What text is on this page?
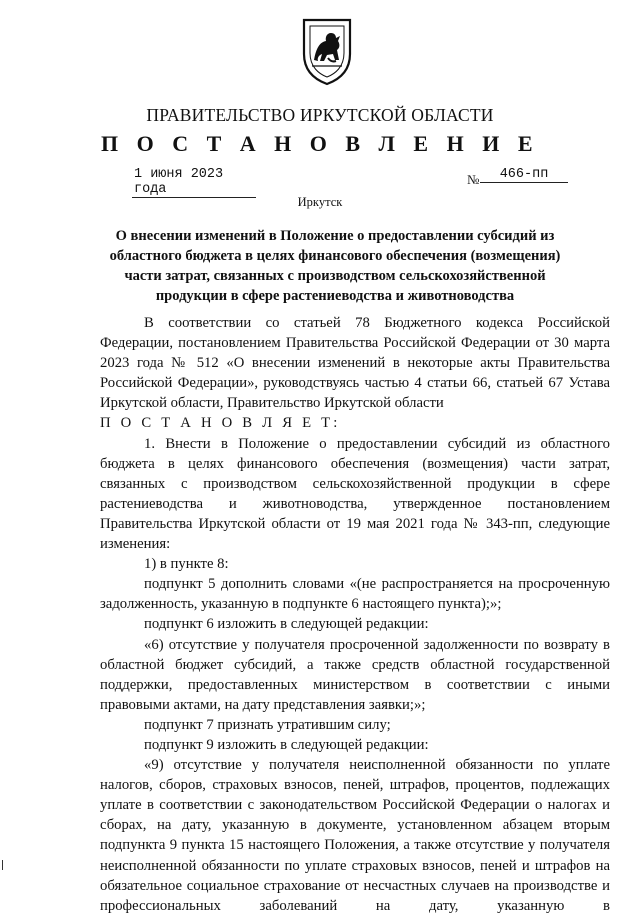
ПРАВИТЕЛЬСТВО ИРКУТСКОЙ ОБЛАСТИ
П О С Т А Н О В Л Е Н И Е
1 июня 2023 года
№	466-пп
Иркутск
О внесении изменений в Положение о предоставлении субсидий из областного бюджета в целях финансового обеспечения (возмещения) части затрат, связанных с производством сельскохозяйственной продукции в сфере растениеводства и животноводства

В соответствии со статьей 78 Бюджетного кодекса Российской Федерации, постановлением Правительства Российской Федерации от 30 марта 2023 года № 512 «О внесении изменений в некоторые акты Правительства Российской Федерации», руководствуясь частью 4 статьи 66, статьей 67 Устава Иркутской области, Правительство Иркутской области

П О С Т А Н О В Л Я Е Т:

1. Внести в Положение о предоставлении субсидий из областного бюджета в целях финансового обеспечения (возмещения) части затрат, связанных с производством сельскохозяйственной продукции в сфере растениеводства и животноводства, утвержденное постановлением Правительства Иркутской области от 19 мая 2021 года № 343-пп, следующие изменения:

1) в пункте 8:

подпункт 5 дополнить словами «(не распространяется на просроченную задолженность, указанную в подпункте 6 настоящего пункта);»;

подпункт 6 изложить в следующей редакции:

«6) отсутствие у получателя просроченной задолженности по возврату в областной бюджет субсидий, а также средств областной государственной поддержки, предоставленных министерством в соответствии с иными правовыми актами, на дату представления заявки;»;

подпункт 7 признать утратившим силу;

подпункт 9 изложить в следующей редакции:

«9) отсутствие у получателя неисполненной обязанности по уплате налогов, сборов, страховых взносов, пеней, штрафов, процентов, подлежащих уплате в соответствии с законодательством Российской Федерации о налогах и сборах, на дату, указанную в документе, установленном абзацем вторым подпункта 9 пункта 15 настоящего Положения, а также отсутствие у получателя неисполненной обязанности по уплате страховых взносов, пеней и штрафов на обязательное социальное страхование от несчастных случаев на производстве и профессиональных заболеваний на дату, указанную в
